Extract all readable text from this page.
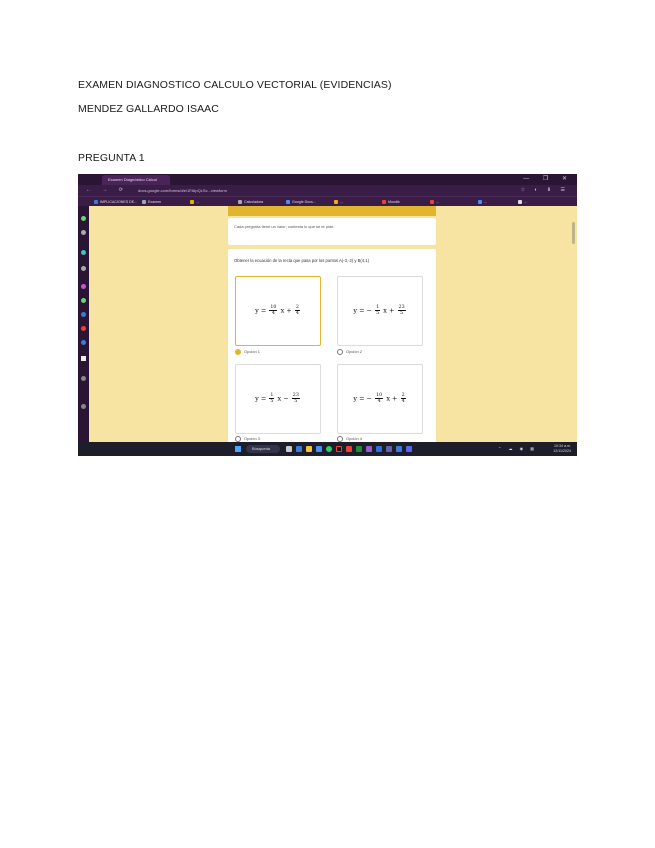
EXAMEN DIAGNOSTICO CALCULO VECTORIAL (EVIDENCIAS)
MENDEZ GALLARDO ISAAC
PREGUNTA 1
Examen Diagnóstico Cálcul	— ❐ ✕
← → ⟳	docs.google.com/forms/d/e/1FAIpQLSc...viewform	☆ ◐ ⬇ ☰
IMPLICACIONES DE...	Examen	...	Calculadora	Google Docs...	...	Moodle	...	...	...
Cada pregunta tiene un valor; contesta lo que se te pide.
Obtener la ecuación de la recta que pasa por los puntos A(-3,-2) y B(4,1)
$y = \frac{10}{4}$ $x + \frac{2}{4}$
Opción 1
y = − $\frac{1}{5}$ $x + \frac{23}{5}$
Opción 2
$y = \frac{1}{5}$ $x - \frac{23}{5}$
Opción 3
y = − $\frac{10}{4}$ $x + \frac{2}{4}$
Opción 4
Búsqueda	⌃ ☁ ◉ ▦	10:34 a.m.
12/11/2024
